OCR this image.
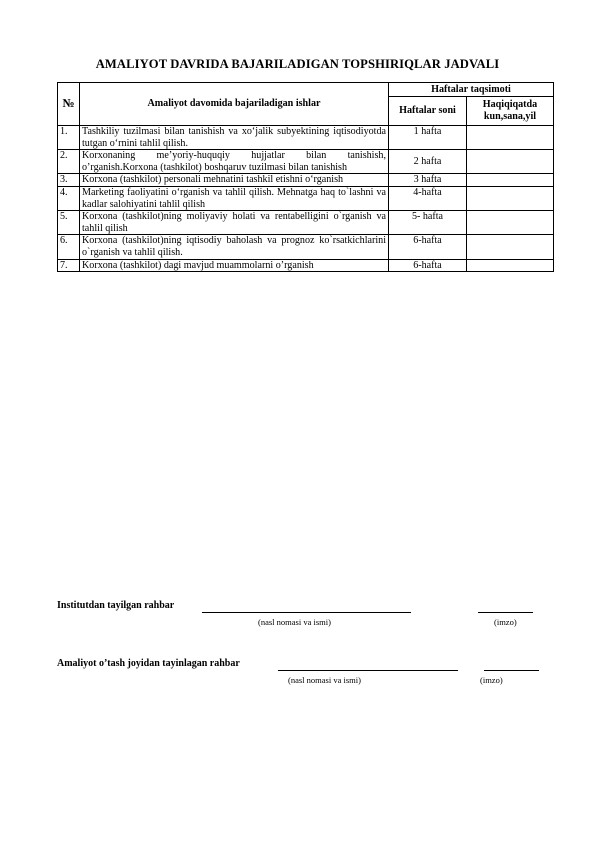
AMALIYOT DAVRIDA BAJARILADIGAN TOPSHIRIQLAR JADVALI
№	Amaliyot davomida bajariladigan ishlar	Haftalar taqsimoti	
		Haftalar soni	Haqiqiqatda kun,sana,yil
1.	Tashkiliy tuzilmasi bilan tanishish va xo‘jalik subyektining iqtisodiyotda tutgan o‘rnini tahlil qilish.	1 hafta	
2.	Korxonaning me’yoriy-huquqiy hujjatlar bilan tanishish, o’rganish.Korxona (tashkilot) boshqaruv tuzilmasi bilan tanishish	2 hafta	
3.	Korxona (tashkilot) personali mehnatini tashkil etishni o‘rganish	3 hafta	
4.	Marketing faoliyatini o‘rganish va tahlil qilish. Mehnatga haq to`lashni va kadlar salohiyatini tahlil qilish	4-hafta	
5.	Korxona (tashkilot)ning moliyaviy holati va rentabelligini o`rganish va tahlil qilish	5- hafta	
6.	Korxona (tashkilot)ning iqtisodiy baholash va prognoz ko`rsatkichlarini o`rganish va tahlil qilish.	6-hafta	
7.	Korxona (tashkilot) dagi mavjud muammolarni o’rganish	6-hafta	
Institutdan tayilgan rahbar
(nasl nomasi va ismi)	(imzo)
Amaliyot o’tash joyidan tayinlagan rahbar
(nasl nomasi va ismi)	(imzo)
